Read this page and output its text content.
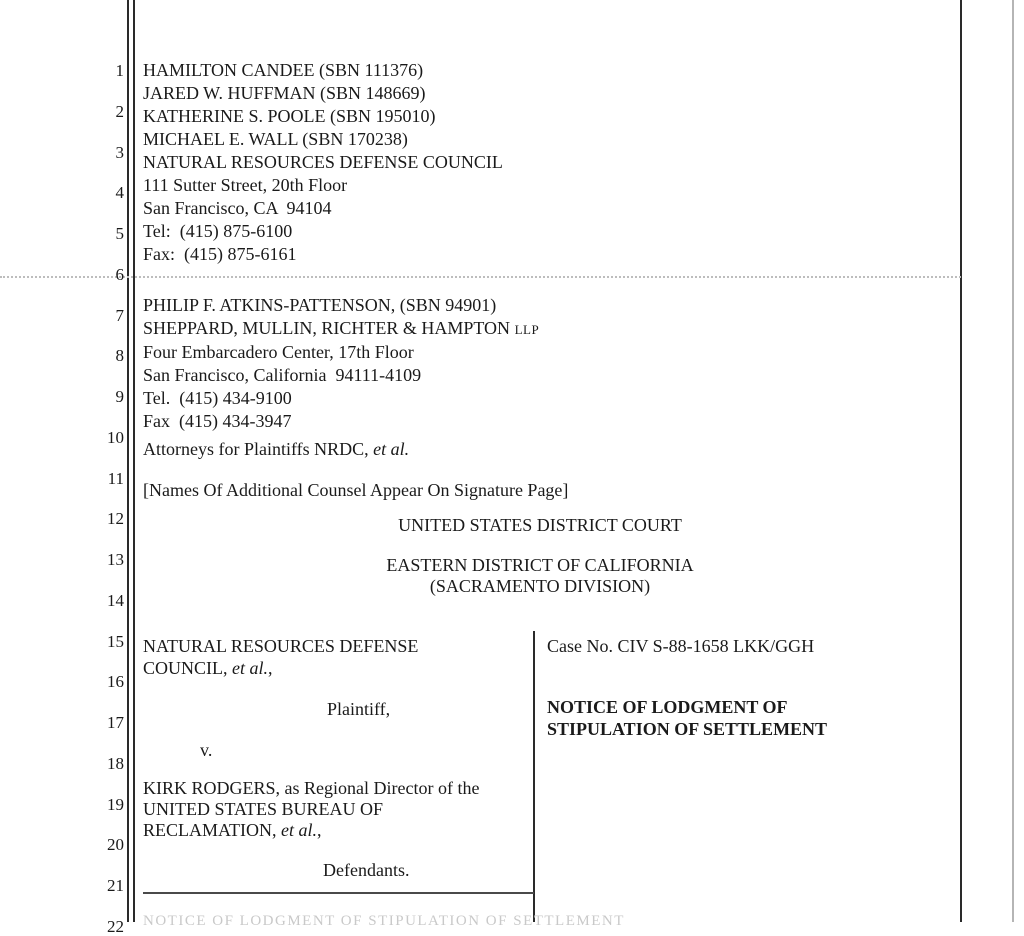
1
2
3
4
5
6
7
8
9
10
11
12
13
14
15
16
17
18
19
20
21
22
HAMILTON CANDEE (SBN 111376)
JARED W. HUFFMAN (SBN 148669)
KATHERINE S. POOLE (SBN 195010)
MICHAEL E. WALL (SBN 170238)
NATURAL RESOURCES DEFENSE COUNCIL
111 Sutter Street, 20th Floor
San Francisco, CA  94104
Tel:  (415) 875-6100
Fax:  (415) 875-6161
PHILIP F. ATKINS-PATTENSON, (SBN 94901)
SHEPPARD, MULLIN, RICHTER & HAMPTON LLP
Four Embarcadero Center, 17th Floor
San Francisco, California  94111-4109
Tel.  (415) 434-9100
Fax  (415) 434-3947
Attorneys for Plaintiffs NRDC, et al.
[Names Of Additional Counsel Appear On Signature Page]
UNITED STATES DISTRICT COURT
EASTERN DISTRICT OF CALIFORNIA
(SACRAMENTO DIVISION)
NATURAL RESOURCES DEFENSE
COUNCIL, et al.,
Plaintiff,
v.
KIRK RODGERS, as Regional Director of the
UNITED STATES BUREAU OF
RECLAMATION, et al.,
Defendants.
Case No. CIV S-88-1658 LKK/GGH
NOTICE OF LODGMENT OF
STIPULATION OF SETTLEMENT
NOTICE OF LODGMENT OF STIPULATION OF SETTLEMENT
